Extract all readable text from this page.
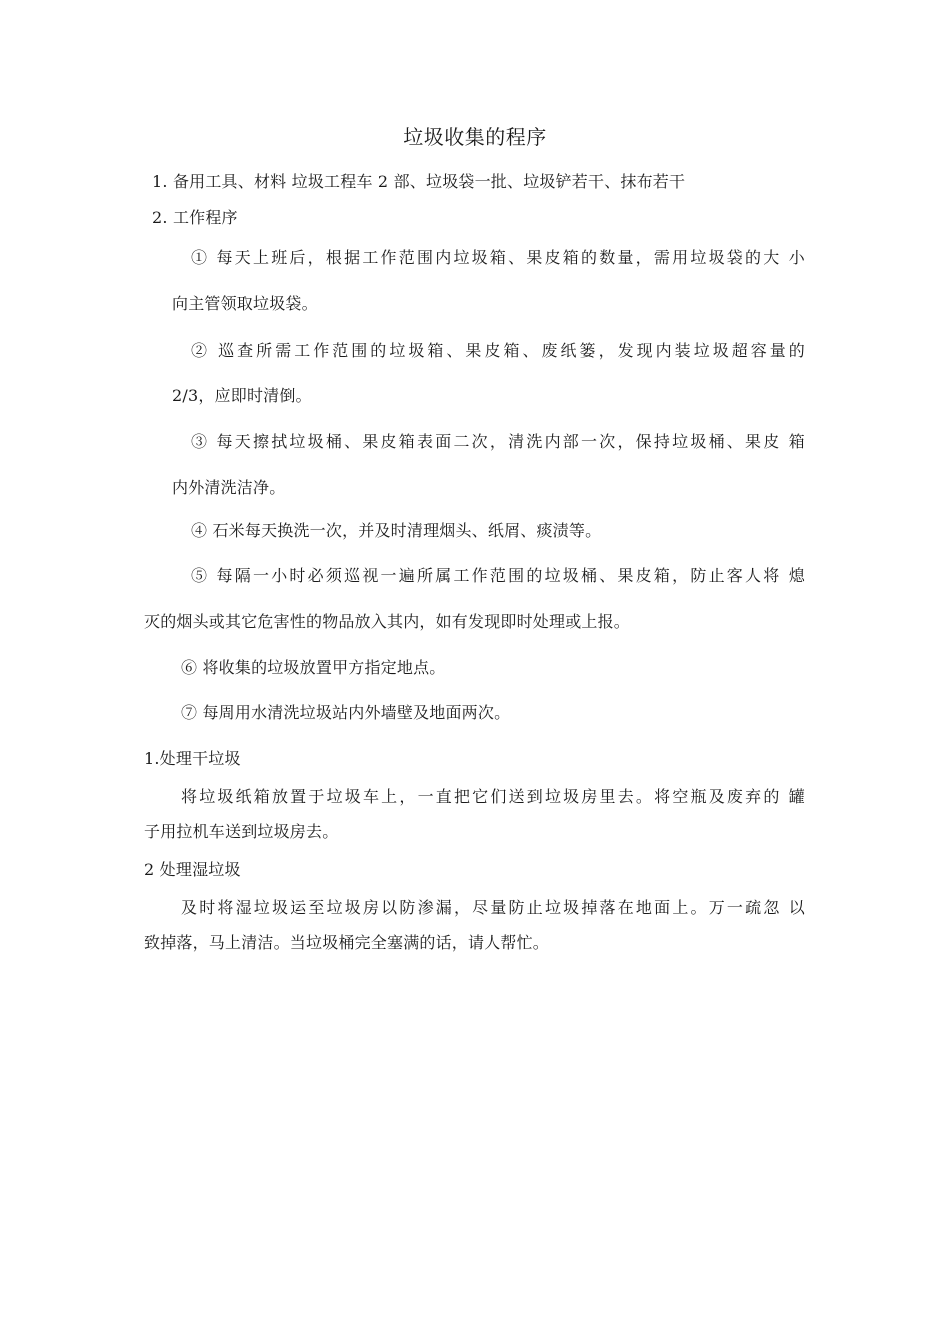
垃圾收集的程序

1. 备用工具、材料 垃圾工程车 2 部、垃圾袋一批、垃圾铲若干、抹布若干

2. 工作程序

① 每天上班后，根据工作范围内垃圾箱、果皮箱的数量，需用垃圾袋的大 小

向主管领取垃圾袋。

② 巡查所需工作范围的垃圾箱、果皮箱、废纸篓，发现内装垃圾超容量的

2/3，应即时清倒。

③ 每天擦拭垃圾桶、果皮箱表面二次，清洗内部一次，保持垃圾桶、果皮 箱

内外清洗洁净。

④ 石米每天换洗一次，并及时清理烟头、纸屑、痰渍等。

⑤ 每隔一小时必须巡视一遍所属工作范围的垃圾桶、果皮箱，防止客人将 熄

灭的烟头或其它危害性的物品放入其内，如有发现即时处理或上报。

⑥ 将收集的垃圾放置甲方指定地点。

⑦ 每周用水清洗垃圾站内外墙壁及地面两次。

1.处理干垃圾

将垃圾纸箱放置于垃圾车上，一直把它们送到垃圾房里去。将空瓶及废弃的 罐

子用拉机车送到垃圾房去。

2 处理湿垃圾

及时将湿垃圾运至垃圾房以防渗漏，尽量防止垃圾掉落在地面上。万一疏忽 以

致掉落，马上清洁。当垃圾桶完全塞满的话，请人帮忙。
